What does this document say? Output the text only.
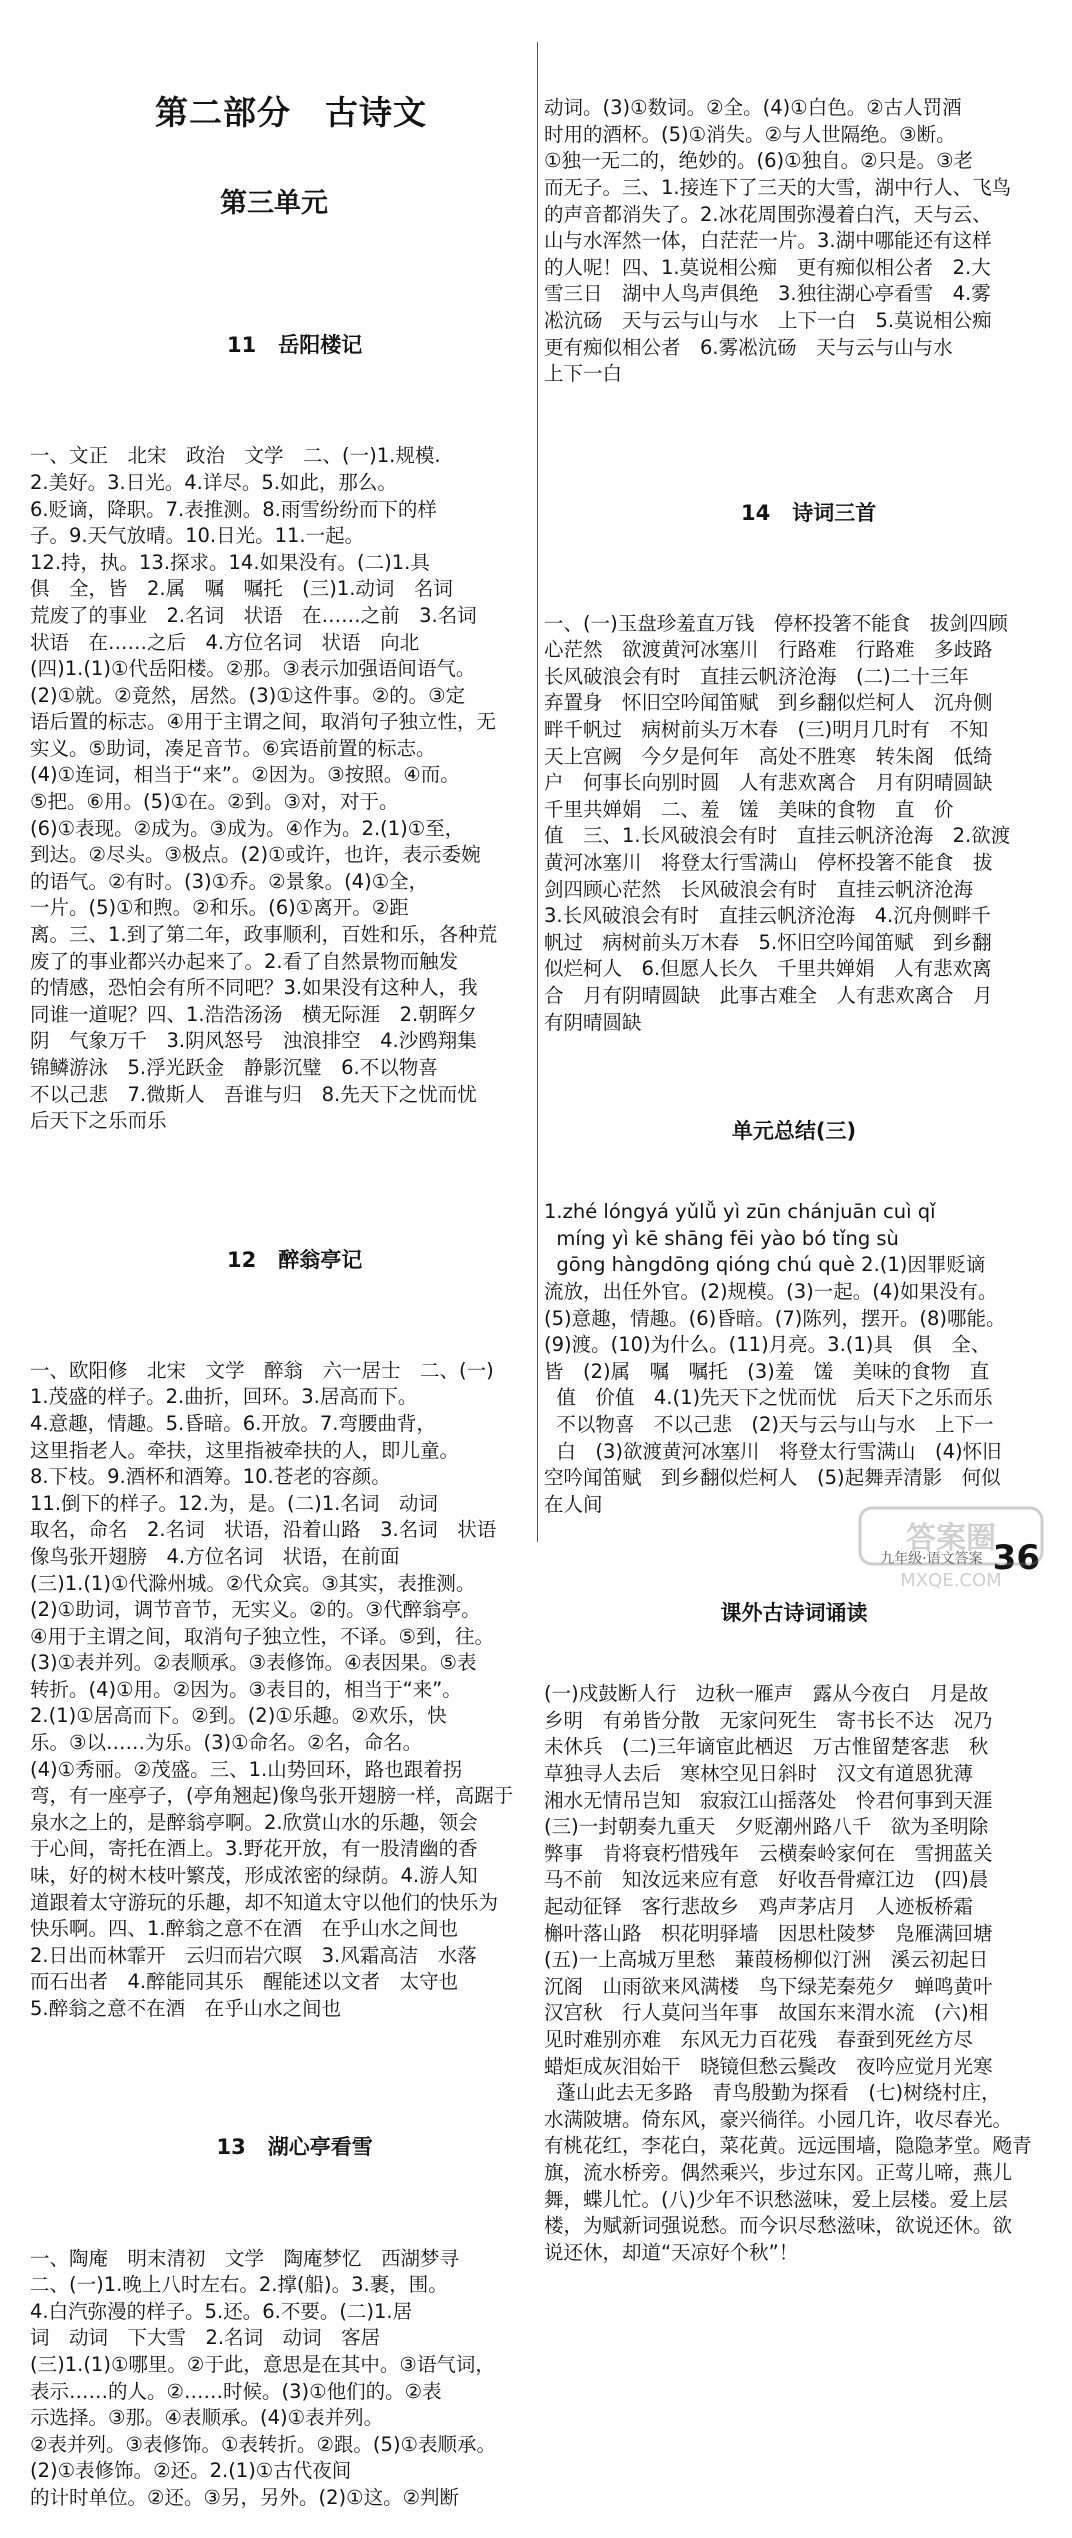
第二部分　古诗文

第三单元

11 岳阳楼记

一、文正　北宋　政治　文学　二、(一)1.规模.
2.美好。3.日光。4.详尽。5.如此，那么。
6.贬谪，降职。7.表推测。8.雨雪纷纷而下的样
子。9.天气放晴。10.日光。11.一起。
12.持，执。13.探求。14.如果没有。(二)1.具
俱　全，皆　2.属　嘱　嘱托　(三)1.动词　名词
荒废了的事业　2.名词　状语　在……之前　3.名词
状语　在……之后　4.方位名词　状语　向北
(四)1.(1)①代岳阳楼。②那。③表示加强语间语气。
(2)①就。②竟然，居然。(3)①这件事。②的。③定
语后置的标志。④用于主谓之间，取消句子独立性，无
实义。⑤助词，凑足音节。⑥宾语前置的标志。
(4)①连词，相当于“来”。②因为。③按照。④而。
⑤把。⑥用。(5)①在。②到。③对，对于。
(6)①表现。②成为。③成为。④作为。2.(1)①至，
到达。②尽头。③极点。(2)①或许，也许，表示委婉
的语气。②有时。(3)①乔。②景象。(4)①全，
一片。(5)①和煦。②和乐。(6)①离开。②距
离。三、1.到了第二年，政事顺利，百姓和乐，各种荒
废了的事业都兴办起来了。2.看了自然景物而触发
的情感，恐怕会有所不同吧？3.如果没有这种人，我
同谁一道呢？四、1.浩浩汤汤　横无际涯　2.朝晖夕
阴　气象万千　3.阴风怒号　浊浪排空　4.沙鸥翔集
锦鳞游泳　5.浮光跃金　静影沉璧　6.不以物喜
不以己悲　7.微斯人　吾谁与归　8.先天下之忧而忧
后天下之乐而乐

12 醉翁亭记

一、欧阳修　北宋　文学　醉翁　六一居士　二、(一)
1.茂盛的样子。2.曲折，回环。3.居高而下。
4.意趣，情趣。5.昏暗。6.开放。7.弯腰曲背，
这里指老人。牵扶，这里指被牵扶的人，即儿童。
8.下枝。9.酒杯和酒筹。10.苍老的容颜。
11.倒下的样子。12.为，是。(二)1.名词　动词
取名，命名　2.名词　状语，沿着山路　3.名词　状语
像鸟张开翅膀　4.方位名词　状语，在前面
(三)1.(1)①代滁州城。②代众宾。③其实，表推测。
(2)①助词，调节音节，无实义。②的。③代醉翁亭。
④用于主谓之间，取消句子独立性，不译。⑤到，往。
(3)①表并列。②表顺承。③表修饰。④表因果。⑤表
转折。(4)①用。②因为。③表目的，相当于“来”。
2.(1)①居高而下。②到。(2)①乐趣。②欢乐，快
乐。③以……为乐。(3)①命名。②名，命名。
(4)①秀丽。②茂盛。三、1.山势回环，路也跟着拐
弯，有一座亭子，(亭角翘起)像鸟张开翅膀一样，高踞于
泉水之上的，是醉翁亭啊。2.欣赏山水的乐趣，领会
于心间，寄托在酒上。3.野花开放，有一股清幽的香
味，好的树木枝叶繁茂，形成浓密的绿荫。4.游人知
道跟着太守游玩的乐趣，却不知道太守以他们的快乐为
快乐啊。四、1.醉翁之意不在酒　在乎山水之间也
2.日出而林霏开　云归而岩穴暝　3.风霜高洁　水落
而石出者　4.醉能同其乐　醒能述以文者　太守也
5.醉翁之意不在酒　在乎山水之间也

13 湖心亭看雪

一、陶庵　明末清初　文学　陶庵梦忆　西湖梦寻
二、(一)1.晚上八时左右。2.撑(船)。3.裹，围。
4.白汽弥漫的样子。5.还。6.不要。(二)1.居
词　动词　下大雪　2.名词　动词　客居
(三)1.(1)①哪里。②于此，意思是在其中。③语气词，
表示……的人。②……时候。(3)①他们的。②表
示选择。③那。④表顺承。(4)①表并列。
②表并列。③表修饰。①表转折。②跟。(5)①表顺承。
(2)①表修饰。②还。2.(1)①古代夜间
的计时单位。②还。③另，另外。(2)①这。②判断

动词。(3)①数词。②全。(4)①白色。②古人罚酒
时用的酒杯。(5)①消失。②与人世隔绝。③断。
①独一无二的，绝妙的。(6)①独自。②只是。③老
而无子。三、1.接连下了三天的大雪，湖中行人、飞鸟
的声音都消失了。2.冰花周围弥漫着白汽，天与云、
山与水浑然一体，白茫茫一片。3.湖中哪能还有这样
的人呢！四、1.莫说相公痴　更有痴似相公者　2.大
雪三日　湖中人鸟声俱绝　3.独往湖心亭看雪　4.雾
凇沆砀　天与云与山与水　上下一白　5.莫说相公痴
更有痴似相公者　6.雾凇沆砀　天与云与山与水
上下一白

14 诗词三首

一、(一)玉盘珍羞直万钱　停杯投箸不能食　拔剑四顾
心茫然　欲渡黄河冰塞川　行路难　行路难　多歧路
长风破浪会有时　直挂云帆济沧海　(二)二十三年
弃置身　怀旧空吟闻笛赋　到乡翻似烂柯人　沉舟侧
畔千帆过　病树前头万木春　(三)明月几时有　不知
天上宫阙　今夕是何年　高处不胜寒　转朱阁　低绮
户　何事长向别时圆　人有悲欢离合　月有阴晴圆缺
千里共婵娟　二、羞　馐　美味的食物　直　价
值　三、1.长风破浪会有时　直挂云帆济沧海　2.欲渡
黄河冰塞川　将登太行雪满山　停杯投箸不能食　拔
剑四顾心茫然　长风破浪会有时　直挂云帆济沧海
3.长风破浪会有时　直挂云帆济沧海　4.沉舟侧畔千
帆过　病树前头万木春　5.怀旧空吟闻笛赋　到乡翻
似烂柯人　6.但愿人长久　千里共婵娟　人有悲欢离
合　月有阴晴圆缺　此事古难全　人有悲欢离合　月
有阴晴圆缺

单元总结(三)

1.zhé lóngyá yǔlǚ yì zūn chánjuān cuì qǐ
míng yì kē shāng fēi yào bó tǐng sù
gōng hàngdōng qióng chú què 2.(1)因罪贬谪
流放，出任外官。(2)规模。(3)一起。(4)如果没有。
(5)意趣，情趣。(6)昏暗。(7)陈列，摆开。(8)哪能。
(9)渡。(10)为什么。(11)月亮。3.(1)具　俱　全、
皆　(2)属　嘱　嘱托　(3)羞　馐　美味的食物　直
值　价值　4.(1)先天下之忧而忧　后天下之乐而乐
不以物喜　不以己悲　(2)天与云与山与水　上下一
白　(3)欲渡黄河冰塞川　将登太行雪满山　(4)怀旧
空吟闻笛赋　到乡翻似烂柯人　(5)起舞弄清影　何似
在人间

课外古诗词诵读

(一)戍鼓断人行　边秋一雁声　露从今夜白　月是故
乡明　有弟皆分散　无家问死生　寄书长不达　况乃
未休兵　(二)三年谪宦此栖迟　万古惟留楚客悲　秋
草独寻人去后　寒林空见日斜时　汉文有道恩犹薄
湘水无情吊岂知　寂寂江山摇落处　怜君何事到天涯
(三)一封朝奏九重天　夕贬潮州路八千　欲为圣明除
弊事　肯将衰朽惜残年　云横秦岭家何在　雪拥蓝关
马不前　知汝远来应有意　好收吾骨瘴江边　(四)晨
起动征铎　客行悲故乡　鸡声茅店月　人迹板桥霜
槲叶落山路　枳花明驿墙　因思杜陵梦　凫雁满回塘
(五)一上高城万里愁　蒹葭杨柳似汀洲　溪云初起日
沉阁　山雨欲来风满楼　鸟下绿芜秦苑夕　蝉鸣黄叶
汉宫秋　行人莫问当年事　故国东来渭水流　(六)相
见时难别亦难　东风无力百花残　春蚕到死丝方尽
蜡炬成灰泪始干　晓镜但愁云鬓改　夜吟应觉月光寒
蓬山此去无多路　青鸟殷勤为探看　(七)树绕村庄，
水满陂塘。倚东风，豪兴徜徉。小园几许，收尽春光。
有桃花红，李花白，菜花黄。远远围墙，隐隐茅堂。飏青
旗，流水桥旁。偶然乘兴，步过东冈。正莺儿啼，燕儿
舞，蝶儿忙。(八)少年不识愁滋味，爱上层楼。爱上层
楼，为赋新词强说愁。而今识尽愁滋味，欲说还休。欲
说还休，却道“天凉好个秋”！

九年级·语文答案 36
答案圈
MXQE.COM
